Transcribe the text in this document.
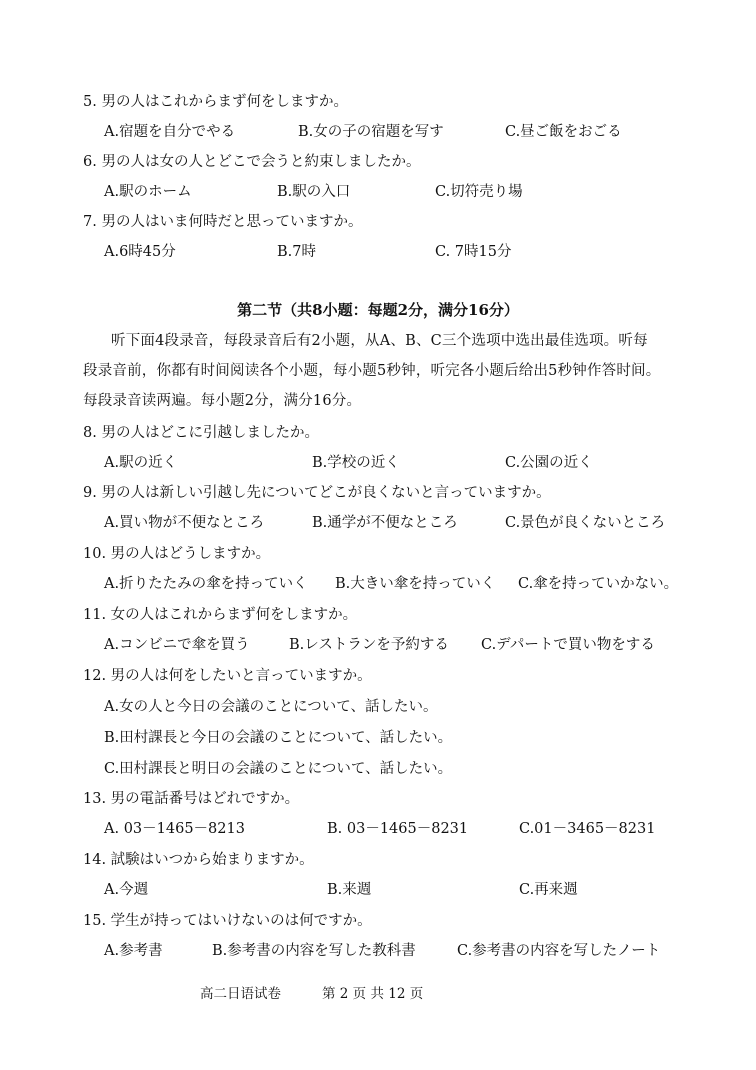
5. 男の人はこれからまず何をしますか。
A.宿題を自分でやる	B.女の子の宿題を写す	C.昼ご飯をおごる
6. 男の人は女の人とどこで会うと約束しましたか。
A.駅のホーム	B.駅の入口	C.切符売り場
7. 男の人はいま何時だと思っていますか。
A.6時45分	B.7時	C. 7時15分
第二节（共8小题：每题2分，满分16分）
听下面4段录音，每段录音后有2小题，从A、B、C三个选项中选出最佳选项。听每
段录音前，你都有时间阅读各个小题，每小题5秒钟，听完各小题后给出5秒钟作答时间。
每段录音读两遍。每小题2分，满分16分。
8. 男の人はどこに引越しましたか。
A.駅の近く	B.学校の近く	C.公園の近く
9. 男の人は新しい引越し先についてどこが良くないと言っていますか。
A.買い物が不便なところ	B.通学が不便なところ	C.景色が良くないところ
10. 男の人はどうしますか。
A.折りたたみの傘を持っていく B.大きい傘を持っていく C.傘を持っていかない。
11. 女の人はこれからまず何をしますか。
A.コンビニで傘を買う	B.レストランを予約する C.デパートで買い物をする
12. 男の人は何をしたいと言っていますか。
A.女の人と今日の会議のことについて、話したい。
B.田村課長と今日の会議のことについて、話したい。
C.田村課長と明日の会議のことについて、話したい。
13. 男の電話番号はどれですか。
A. 03－1465－8213	B. 03－1465－8231	C.01－3465－8231
14. 試験はいつから始まりますか。
A.今週	B.来週	C.再来週
15. 学生が持ってはいけないのは何ですか。
A.参考書	B.参考書の内容を写した教科書	C.参考書の内容を写したノート
高二日语试卷	第 2 页 共 12 页
